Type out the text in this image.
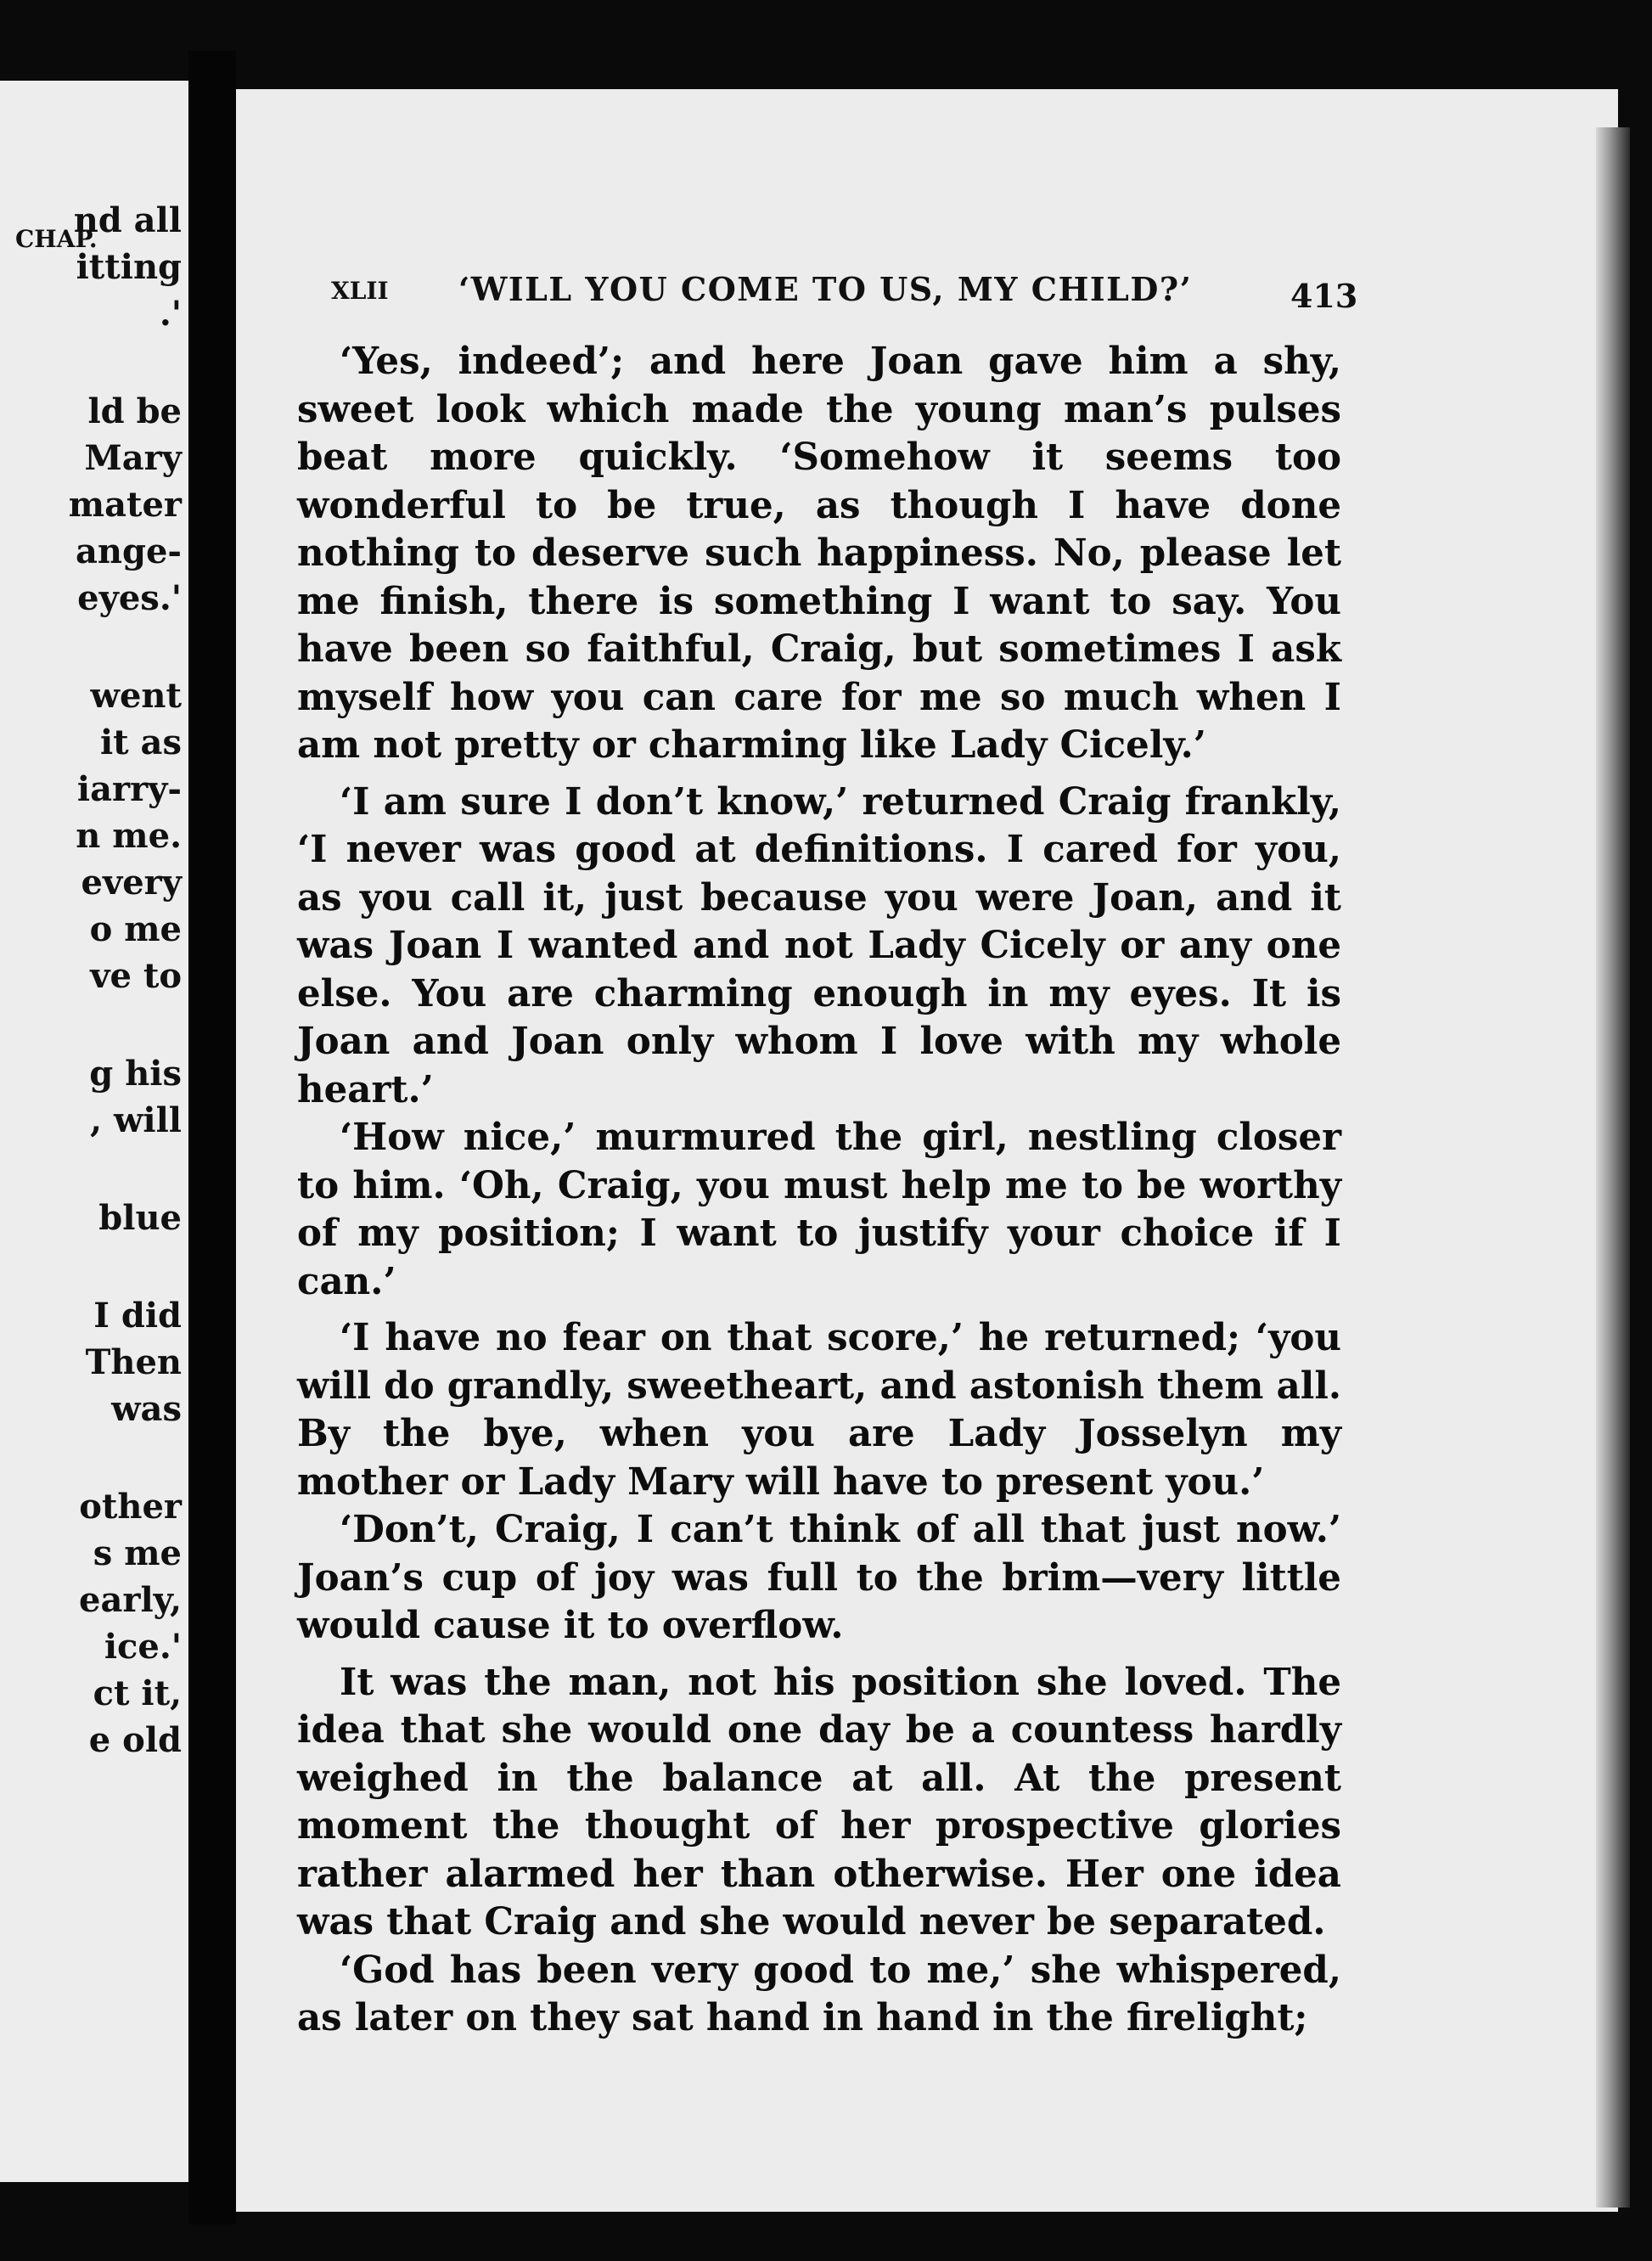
CHAP.
nd all
itting
.'
ld be
Mary
mater
ange-
eyes.'
went
it as
iarry-
n me.
every
o me
ve to
g his
, will
blue
I did
Then
was
other
s me
early,
ice.'
ct it,
e old
XLII ‘WILL YOU COME TO US, MY CHILD?’	413

‘Yes, indeed’; and here Joan gave him a shy, sweet look which made the young man’s pulses beat more quickly. ‘Somehow it seems too wonderful to be true, as though I have done nothing to deserve such happiness. No, please let me finish, there is something I want to say. You have been so faithful, Craig, but sometimes I ask myself how you can care for me so much when I am not pretty or charming like Lady Cicely.’

‘I am sure I don’t know,’ returned Craig frankly, ‘I never was good at definitions. I cared for you, as you call it, just because you were Joan, and it was Joan I wanted and not Lady Cicely or any one else. You are charming enough in my eyes. It is Joan and Joan only whom I love with my whole heart.’

‘How nice,’ murmured the girl, nestling closer to him. ‘Oh, Craig, you must help me to be worthy of my position; I want to justify your choice if I can.’

‘I have no fear on that score,’ he returned; ‘you will do grandly, sweetheart, and astonish them all. By the bye, when you are Lady Josselyn my mother or Lady Mary will have to present you.’

‘Don’t, Craig, I can’t think of all that just now.’ Joan’s cup of joy was full to the brim—very little would cause it to overflow.

It was the man, not his position she loved. The idea that she would one day be a countess hardly weighed in the balance at all. At the present moment the thought of her prospective glories rather alarmed her than otherwise. Her one idea was that Craig and she would never be separated.

‘God has been very good to me,’ she whispered, as later on they sat hand in hand in the firelight;
